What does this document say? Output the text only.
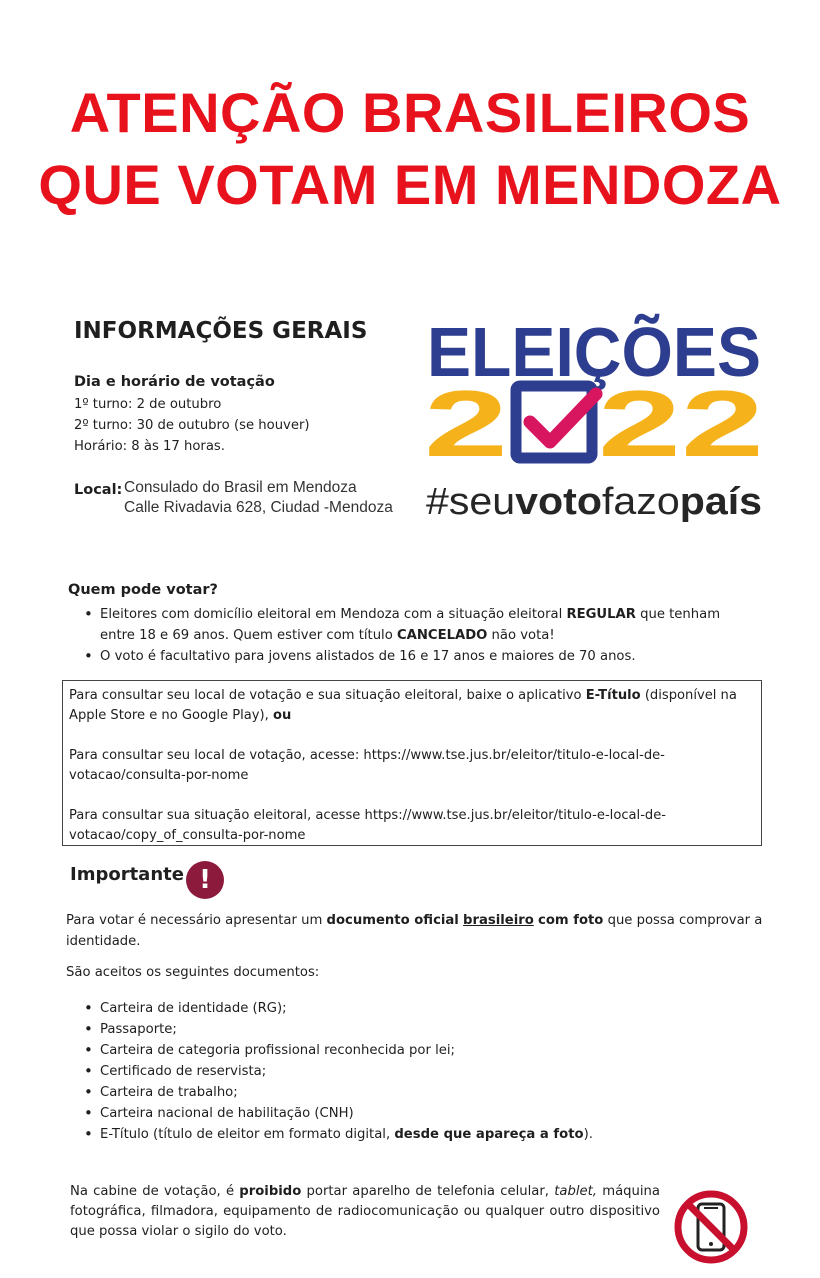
ATENÇÃO BRASILEIROS
QUE VOTAM EM MENDOZA
INFORMAÇÕES GERAIS
Dia e horário de votação
1º turno: 2 de outubro
2º turno: 30 de outubro (se houver)
Horário: 8 às 17 horas.
Local: Consulado do Brasil em Mendoza
Calle Rivadavia 628, Ciudad -Mendoza
ELEIÇÕES
2 22
#seu voto faz opaís
Quem pode votar?
• Eleitores com domicílio eleitoral em Mendoza com a situação eleitoral REGULAR que tenham entre 18 e 69 anos. Quem estiver com título CANCELADO não vota!
• O voto é facultativo para jovens alistados de 16 e 17 anos e maiores de 70 anos.

Para consultar seu local de votação e sua situação eleitoral, baixe o aplicativo E-Título (disponível na Apple Store e no Google Play), ou

Para consultar seu local de votação, acesse: https://www.tse.jus.br/eleitor/titulo-e-local-de-votacao/consulta-por-nome

Para consultar sua situação eleitoral, acesse https://www.tse.jus.br/eleitor/titulo-e-local-de-votacao/copy_of_consulta-por-nome

Importante !
Para votar é necessário apresentar um documento oficial brasileiro com foto que possa comprovar a identidade.
São aceitos os seguintes documentos:
• Carteira de identidade (RG);
• Passaporte;
• Carteira de categoria profissional reconhecida por lei;
• Certificado de reservista;
• Carteira de trabalho;
• Carteira nacional de habilitação (CNH)
• E-Título (título de eleitor em formato digital, desde que apareça a foto).
Na cabine de votação, é proibido portar aparelho de telefonia celular, tablet, máquina fotográfica, filmadora, equipamento de radiocomunicação ou qualquer outro dispositivo que possa violar o sigilo do voto.
